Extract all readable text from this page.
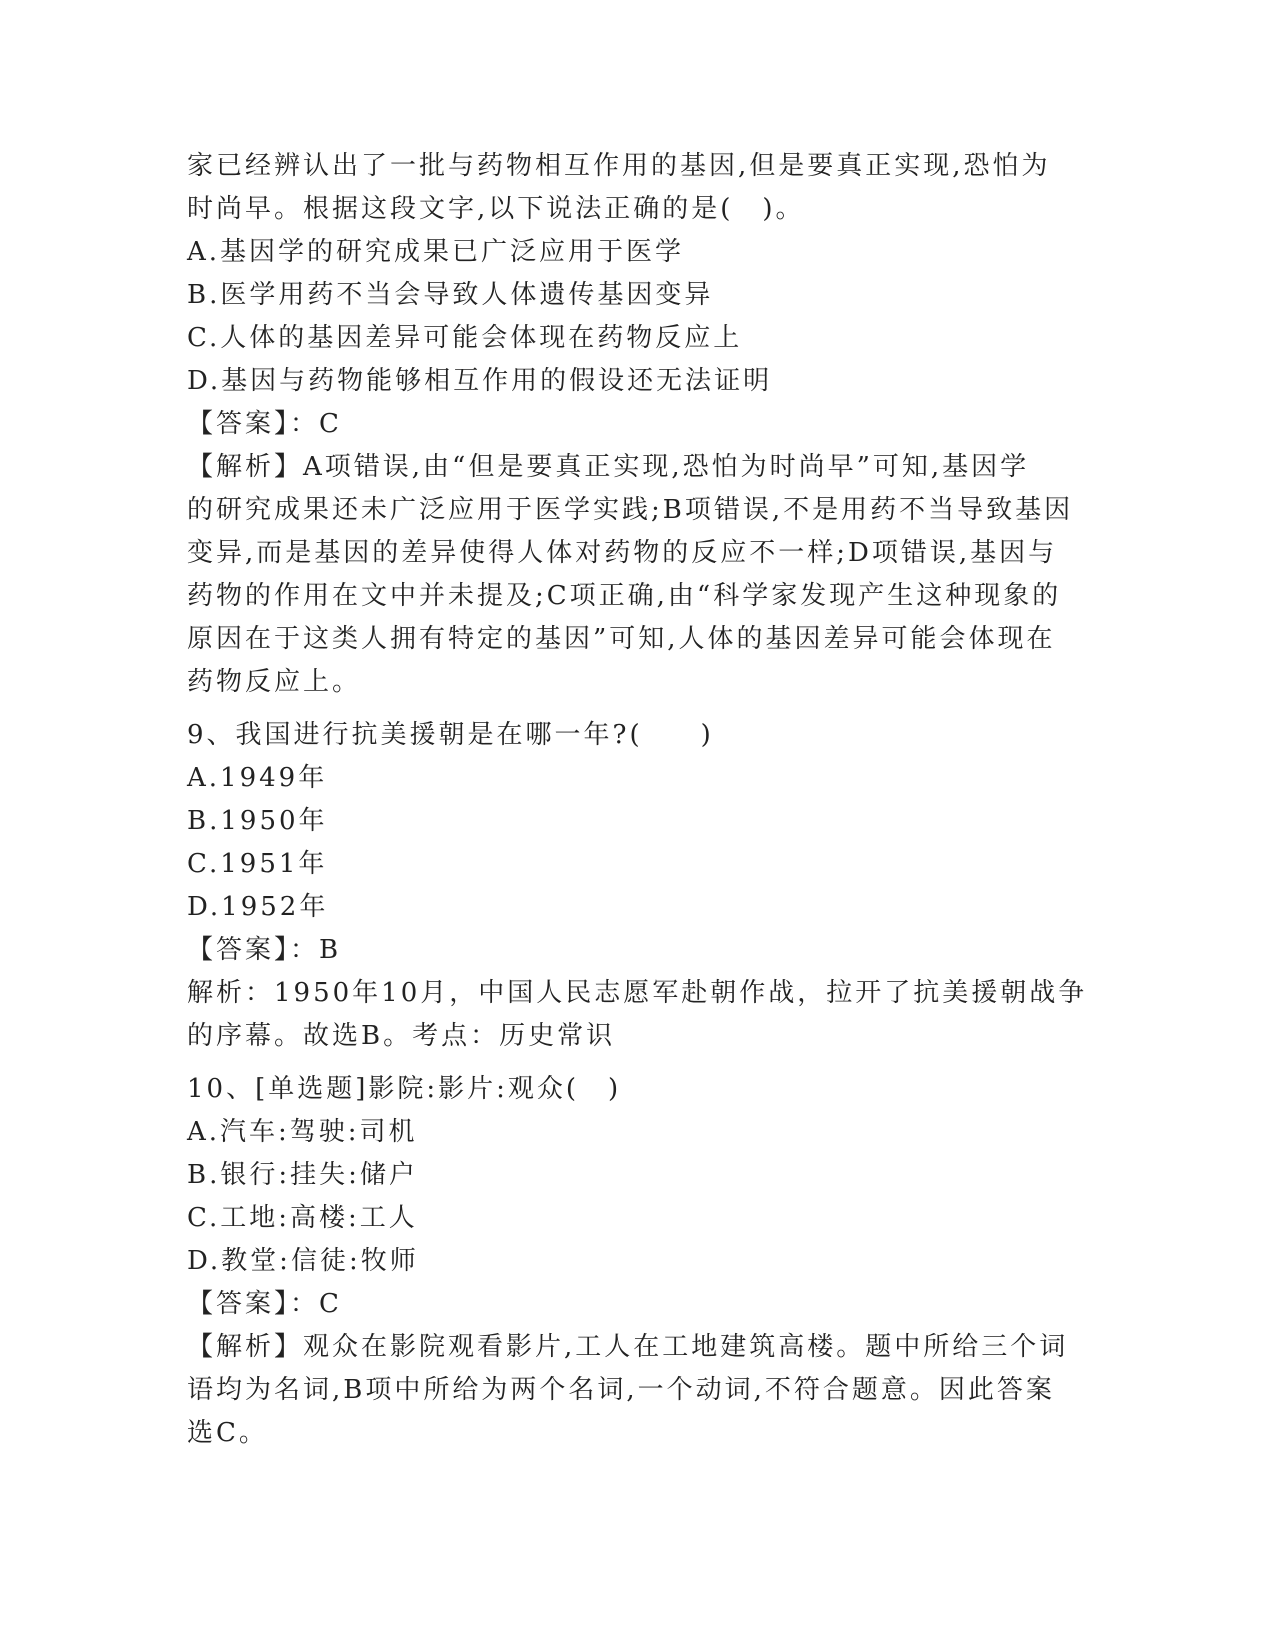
家已经辨认出了一批与药物相互作用的基因,但是要真正实现,恐怕为
时尚早。根据这段文字,以下说法正确的是(　)。
A.基因学的研究成果已广泛应用于医学
B.医学用药不当会导致人体遗传基因变异
C.人体的基因差异可能会体现在药物反应上
D.基因与药物能够相互作用的假设还无法证明
【答案】：C
【解析】A项错误,由“但是要真正实现,恐怕为时尚早”可知,基因学
的研究成果还未广泛应用于医学实践;B项错误,不是用药不当导致基因
变异,而是基因的差异使得人体对药物的反应不一样;D项错误,基因与
药物的作用在文中并未提及;C项正确,由“科学家发现产生这种现象的
原因在于这类人拥有特定的基因”可知,人体的基因差异可能会体现在
药物反应上。
9、我国进行抗美援朝是在哪一年?(　　)
A.1949年
B.1950年
C.1951年
D.1952年
【答案】：B
解析：1950年10月，中国人民志愿军赴朝作战，拉开了抗美援朝战争
的序幕。故选B。考点：历史常识
10、[单选题]影院:影片:观众(　)
A.汽车:驾驶:司机
B.银行:挂失:储户
C.工地:高楼:工人
D.教堂:信徒:牧师
【答案】：C
【解析】观众在影院观看影片,工人在工地建筑高楼。题中所给三个词
语均为名词,B项中所给为两个名词,一个动词,不符合题意。因此答案
选C。
